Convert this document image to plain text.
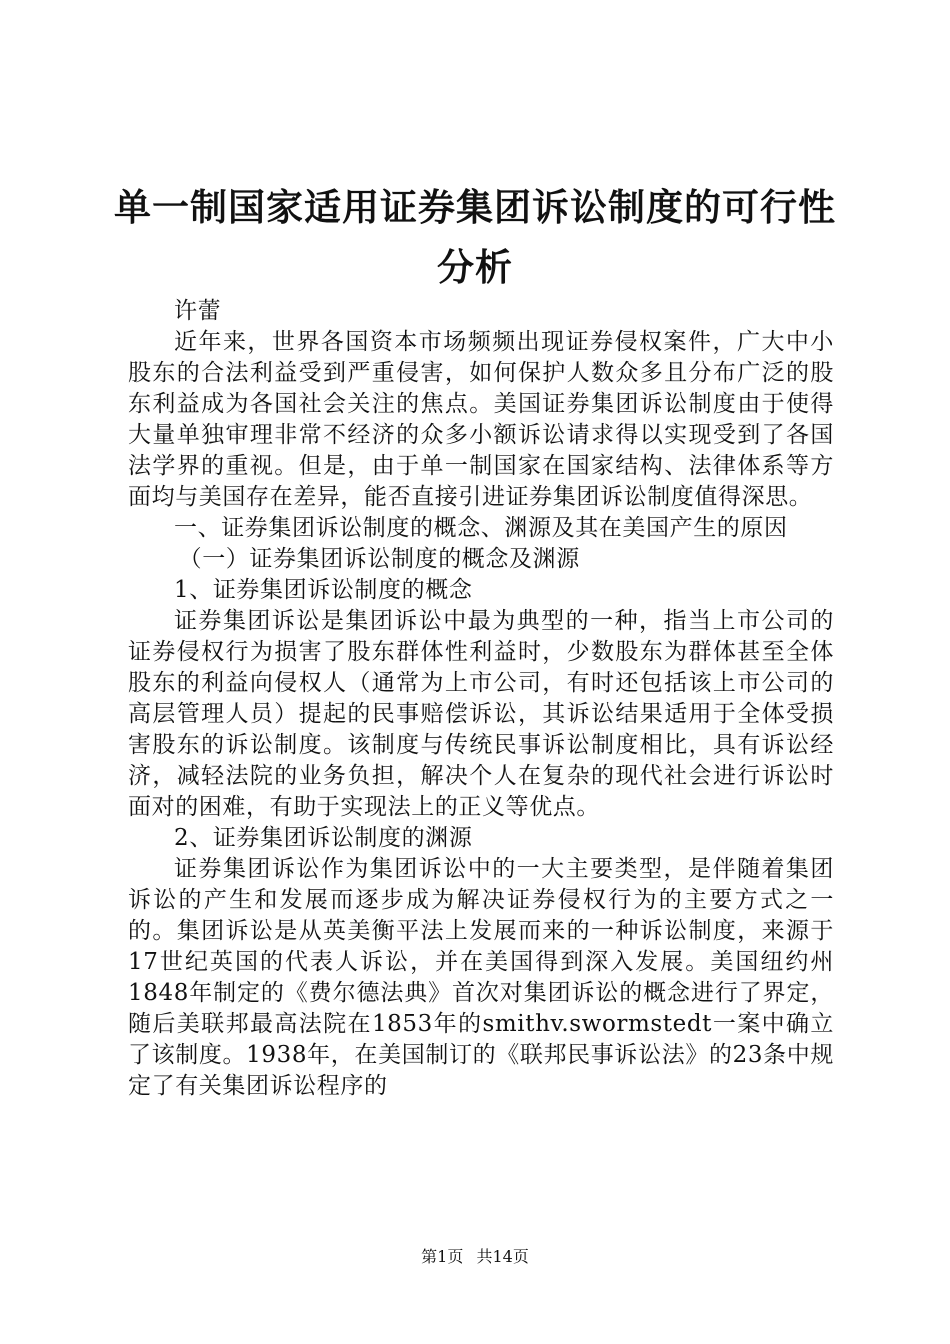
单一制国家适用证券集团诉讼制度的可行性分析

许蕾

近年来，世界各国资本市场频频出现证券侵权案件，广大中小股东的合法利益受到严重侵害，如何保护人数众多且分布广泛的股东利益成为各国社会关注的焦点。美国证券集团诉讼制度由于使得大量单独审理非常不经济的众多小额诉讼请求得以实现受到了各国法学界的重视。但是，由于单一制国家在国家结构、法律体系等方面均与美国存在差异，能否直接引进证券集团诉讼制度值得深思。

一、证券集团诉讼制度的概念、渊源及其在美国产生的原因

（一）证券集团诉讼制度的概念及渊源

1、证券集团诉讼制度的概念

证券集团诉讼是集团诉讼中最为典型的一种，指当上市公司的证券侵权行为损害了股东群体性利益时，少数股东为群体甚至全体股东的利益向侵权人（通常为上市公司，有时还包括该上市公司的高层管理人员）提起的民事赔偿诉讼，其诉讼结果适用于全体受损害股东的诉讼制度。该制度与传统民事诉讼制度相比，具有诉讼经济，减轻法院的业务负担，解决个人在复杂的现代社会进行诉讼时面对的困难，有助于实现法上的正义等优点。

2、证券集团诉讼制度的渊源

证券集团诉讼作为集团诉讼中的一大主要类型，是伴随着集团诉讼的产生和发展而逐步成为解决证券侵权行为的主要方式之一的。集团诉讼是从英美衡平法上发展而来的一种诉讼制度，来源于17世纪英国的代表人诉讼，并在美国得到深入发展。美国纽约州1848年制定的《费尔德法典》首次对集团诉讼的概念进行了界定，随后美联邦最高法院在1853年的smithv.swormstedt一案中确立了该制度。1938年，在美国制订的《联邦民事诉讼法》的23条中规定了有关集团诉讼程序的

第1页 共14页
